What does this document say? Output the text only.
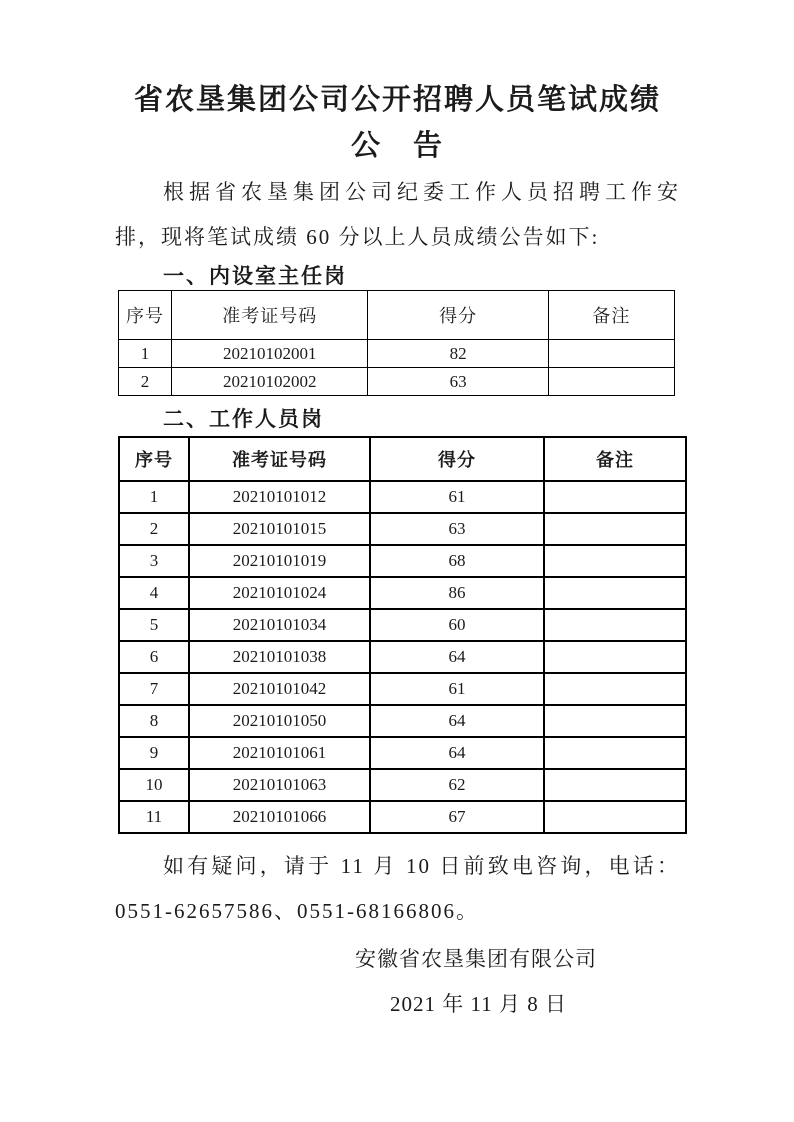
省农垦集团公司公开招聘人员笔试成绩
公　告
根据省农垦集团公司纪委工作人员招聘工作安
排，现将笔试成绩 60 分以上人员成绩公告如下:
一、内设室主任岗
序号	准考证号码	得分	备注
1	20210102001	82	
2	20210102002	63	
二、工作人员岗
序号	准考证号码	得分	备注
1	20210101012	61	
2	20210101015	63	
3	20210101019	68	
4	20210101024	86	
5	20210101034	60	
6	20210101038	64	
7	20210101042	61	
8	20210101050	64	
9	20210101061	64	
10	20210101063	62	
11	20210101066	67	
如有疑问，请于 11 月 10 日前致电咨询，电话：
0551-62657586、0551-68166806。
安徽省农垦集团有限公司
2021 年 11 月 8 日
